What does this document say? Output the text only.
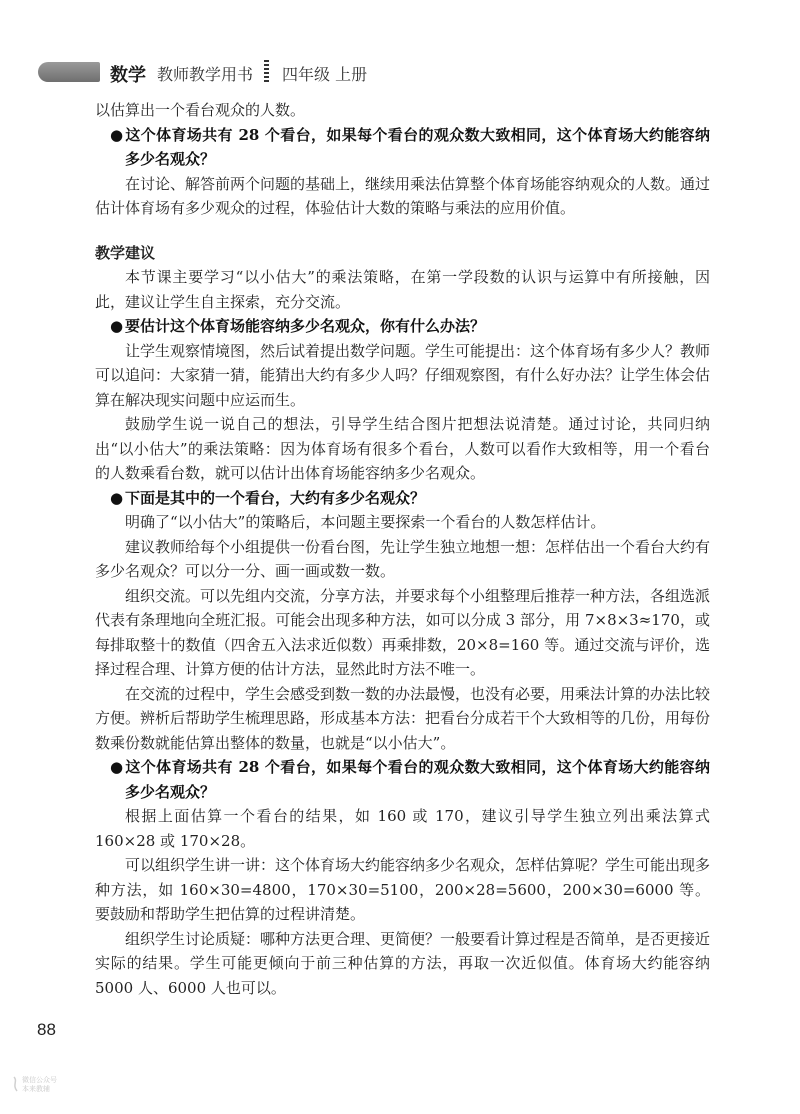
数学 教师教学用书 四年级 上册

以估算出一个看台观众的人数。

● 这个体育场共有 28 个看台，如果每个看台的观众数大致相同，这个体育场大约能容纳多少名观众？

在讨论、解答前两个问题的基础上，继续用乘法估算整个体育场能容纳观众的人数。通过估计体育场有多少观众的过程，体验估计大数的策略与乘法的应用价值。

教学建议

本节课主要学习“以小估大”的乘法策略，在第一学段数的认识与运算中有所接触，因此，建议让学生自主探索，充分交流。

● 要估计这个体育场能容纳多少名观众，你有什么办法？

让学生观察情境图，然后试着提出数学问题。学生可能提出：这个体育场有多少人？教师可以追问：大家猜一猜，能猜出大约有多少人吗？仔细观察图，有什么好办法？让学生体会估算在解决现实问题中应运而生。

鼓励学生说一说自己的想法，引导学生结合图片把想法说清楚。通过讨论，共同归纳出“以小估大”的乘法策略：因为体育场有很多个看台，人数可以看作大致相等，用一个看台的人数乘看台数，就可以估计出体育场能容纳多少名观众。

● 下面是其中的一个看台，大约有多少名观众？

明确了“以小估大”的策略后，本问题主要探索一个看台的人数怎样估计。

建议教师给每个小组提供一份看台图，先让学生独立地想一想：怎样估出一个看台大约有多少名观众？可以分一分、画一画或数一数。

组织交流。可以先组内交流，分享方法，并要求每个小组整理后推荐一种方法，各组选派代表有条理地向全班汇报。可能会出现多种方法，如可以分成 3 部分，用 7×8×3≈170，或每排取整十的数值（四舍五入法求近似数）再乘排数，20×8=160 等。通过交流与评价，选择过程合理、计算方便的估计方法，显然此时方法不唯一。

在交流的过程中，学生会感受到数一数的办法最慢，也没有必要，用乘法计算的办法比较方便。辨析后帮助学生梳理思路，形成基本方法：把看台分成若干个大致相等的几份，用每份数乘份数就能估算出整体的数量，也就是“以小估大”。

● 这个体育场共有 28 个看台，如果每个看台的观众数大致相同，这个体育场大约能容纳多少名观众？

根据上面估算一个看台的结果，如 160 或 170，建议引导学生独立列出乘法算式 160×28 或 170×28。

可以组织学生讲一讲：这个体育场大约能容纳多少名观众，怎样估算呢？学生可能出现多种方法，如 160×30=4800，170×30=5100，200×28=5600，200×30=6000 等。要鼓励和帮助学生把估算的过程讲清楚。

组织学生讨论质疑：哪种方法更合理、更简便？一般要看计算过程是否简单，是否更接近实际的结果。学生可能更倾向于前三种估算的方法，再取一次近似值。体育场大约能容纳 5000 人、6000 人也可以。

88
微信公众号
本来教辅
